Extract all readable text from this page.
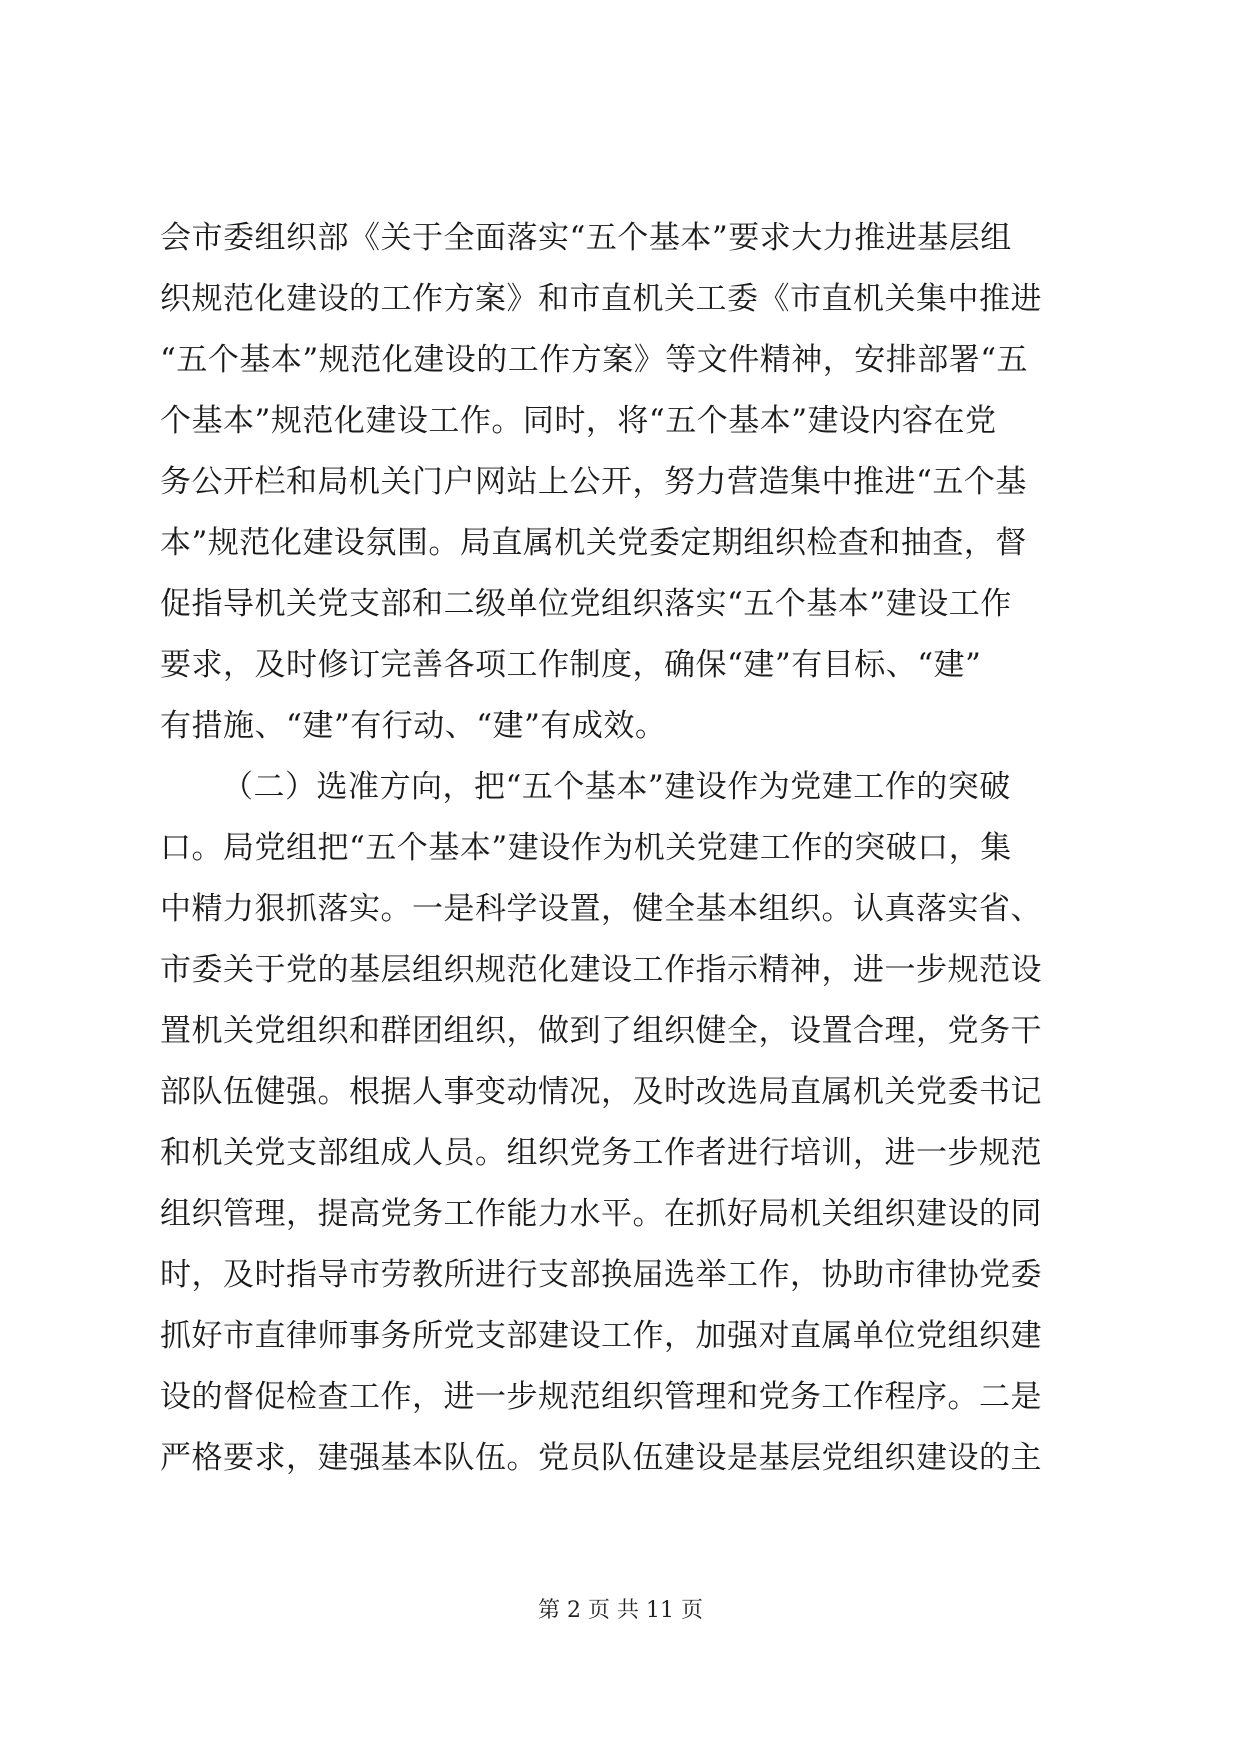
会市委组织部《关于全面落实“五个基本”要求大力推进基层组
织规范化建设的工作方案》和市直机关工委《市直机关集中推进
“五个基本”规范化建设的工作方案》等文件精神，安排部署“五
个基本”规范化建设工作。同时，将“五个基本”建设内容在党
务公开栏和局机关门户网站上公开，努力营造集中推进“五个基
本”规范化建设氛围。局直属机关党委定期组织检查和抽查，督
促指导机关党支部和二级单位党组织落实“五个基本”建设工作
要求，及时修订完善各项工作制度，确保“建”有目标、“建”
有措施、“建”有行动、“建”有成效。
（二）选准方向，把“五个基本”建设作为党建工作的突破
口。局党组把“五个基本”建设作为机关党建工作的突破口，集
中精力狠抓落实。一是科学设置，健全基本组织。认真落实省、
市委关于党的基层组织规范化建设工作指示精神，进一步规范设
置机关党组织和群团组织，做到了组织健全，设置合理，党务干
部队伍健强。根据人事变动情况，及时改选局直属机关党委书记
和机关党支部组成人员。组织党务工作者进行培训，进一步规范
组织管理，提高党务工作能力水平。在抓好局机关组织建设的同
时，及时指导市劳教所进行支部换届选举工作，协助市律协党委
抓好市直律师事务所党支部建设工作，加强对直属单位党组织建
设的督促检查工作，进一步规范组织管理和党务工作程序。二是
严格要求，建强基本队伍。党员队伍建设是基层党组织建设的主
第 2 页 共 11 页
